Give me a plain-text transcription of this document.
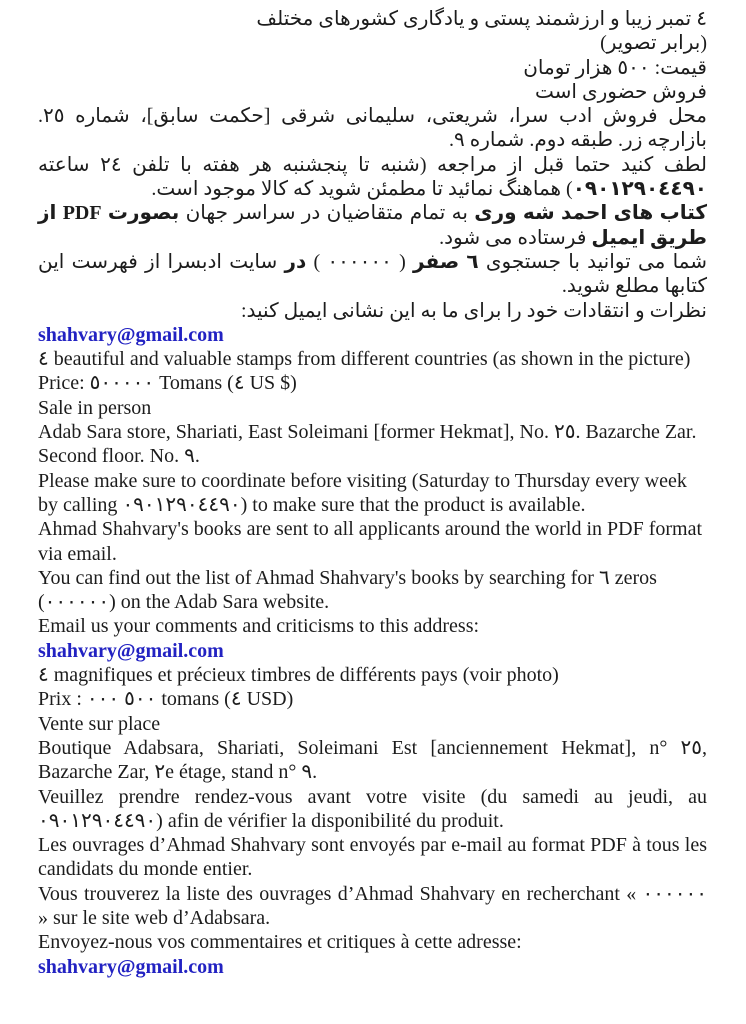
٤ تمبر زیبا و ارزشمند پستی و یادگاری کشورهای مختلف

(برابر تصویر)

قیمت: ٥٠٠ هزار تومان

فروش حضوری است

محل فروش ادب سرا، شریعتی، سلیمانی شرقی [حکمت سابق]، شماره ٢٥. بازارچه زر. طبقه دوم. شماره ٩.

لطف کنید حتما قبل از مراجعه (شنبه تا پنجشنبه هر هفته با تلفن ٢٤ ساعته ٠٩٠١٢٩٠٤٤٩٠) هماهنگ نمائید تا مطمئن شوید که کالا موجود است.

کتاب های احمد شه وری به تمام متقاضیان در سراسر جهان بصورت PDF از طریق ایمیل فرستاده می شود.

شما می توانید با جستجوی ٦ صفر ( ٠٠٠٠٠٠ ) در سایت ادبسرا از فهرست این کتابها مطلع شوید.

نظرات و انتقادات خود را برای ما به این نشانی ایمیل کنید:

shahvary@gmail.com

٤ beautiful and valuable stamps from different countries (as shown in the picture)

Price: ٥٠٠٠٠٠ Tomans (٤ US $)

Sale in person

Adab Sara store, Shariati, East Soleimani [former Hekmat], No. ٢٥. Bazarche Zar. Second floor. No. ٩.

Please make sure to coordinate before visiting (Saturday to Thursday every week by calling ٠٩٠١٢٩٠٤٤٩٠) to make sure that the product is available.

Ahmad Shahvary's books are sent to all applicants around the world in PDF format via email.

You can find out the list of Ahmad Shahvary's books by searching for ٦ zeros (٠٠٠٠٠٠) on the Adab Sara website.

Email us your comments and criticisms to this address:

shahvary@gmail.com

٤ magnifiques et précieux timbres de différents pays (voir photo)

Prix : ٥٠٠ ٠٠٠ tomans (٤ USD)

Vente sur place

Boutique Adabsara, Shariati, Soleimani Est [anciennement Hekmat], n° ٢٥, Bazarche Zar, ٢e étage, stand n° ٩.

Veuillez prendre rendez-vous avant votre visite (du samedi au jeudi, au ٠٩٠١٢٩٠٤٤٩٠) afin de vérifier la disponibilité du produit.

Les ouvrages d’Ahmad Shahvary sont envoyés par e-mail au format PDF à tous les candidats du monde entier.

Vous trouverez la liste des ouvrages d’Ahmad Shahvary en recherchant « ٠٠٠٠٠٠ » sur le site web d’Adabsara.

Envoyez-nous vos commentaires et critiques à cette adresse:

shahvary@gmail.com
